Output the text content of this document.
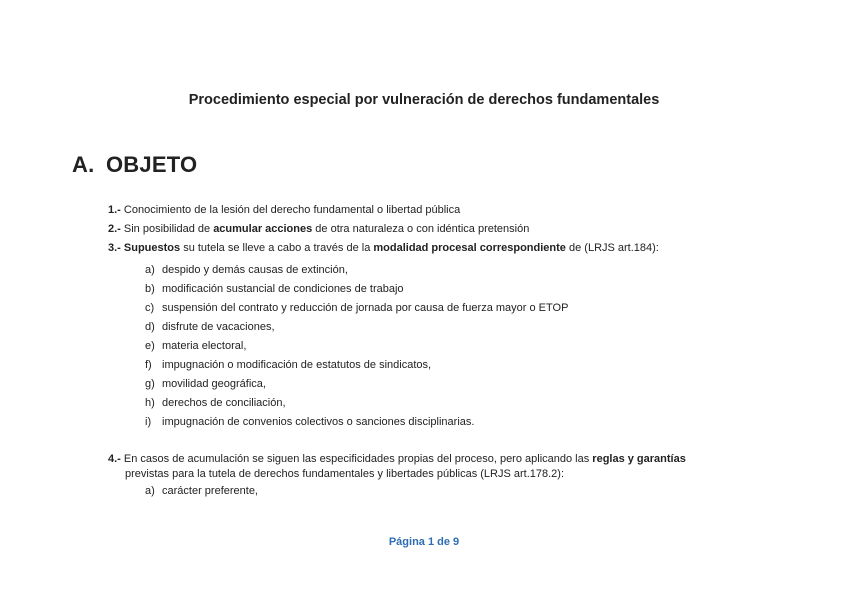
Procedimiento especial por vulneración de derechos fundamentales
A. OBJETO
1.- Conocimiento de la lesión del derecho fundamental o libertad pública
2.- Sin posibilidad de acumular acciones de otra naturaleza o con idéntica pretensión
3.- Supuestos su tutela se lleve a cabo a través de la modalidad procesal correspondiente de (LRJS art.184):
a) despido y demás causas de extinción,
b) modificación sustancial de condiciones de trabajo
c) suspensión del contrato y reducción de jornada por causa de fuerza mayor o ETOP
d) disfrute de vacaciones,
e) materia electoral,
f) impugnación o modificación de estatutos de sindicatos,
g) movilidad geográfica,
h) derechos de conciliación,
i) impugnación de convenios colectivos o sanciones disciplinarias.
4.- En casos de acumulación se siguen las especificidades propias del proceso, pero aplicando las reglas y garantías
previstas para la tutela de derechos fundamentales y libertades públicas (LRJS art.178.2):
a) carácter preferente,
Página 1 de 9
